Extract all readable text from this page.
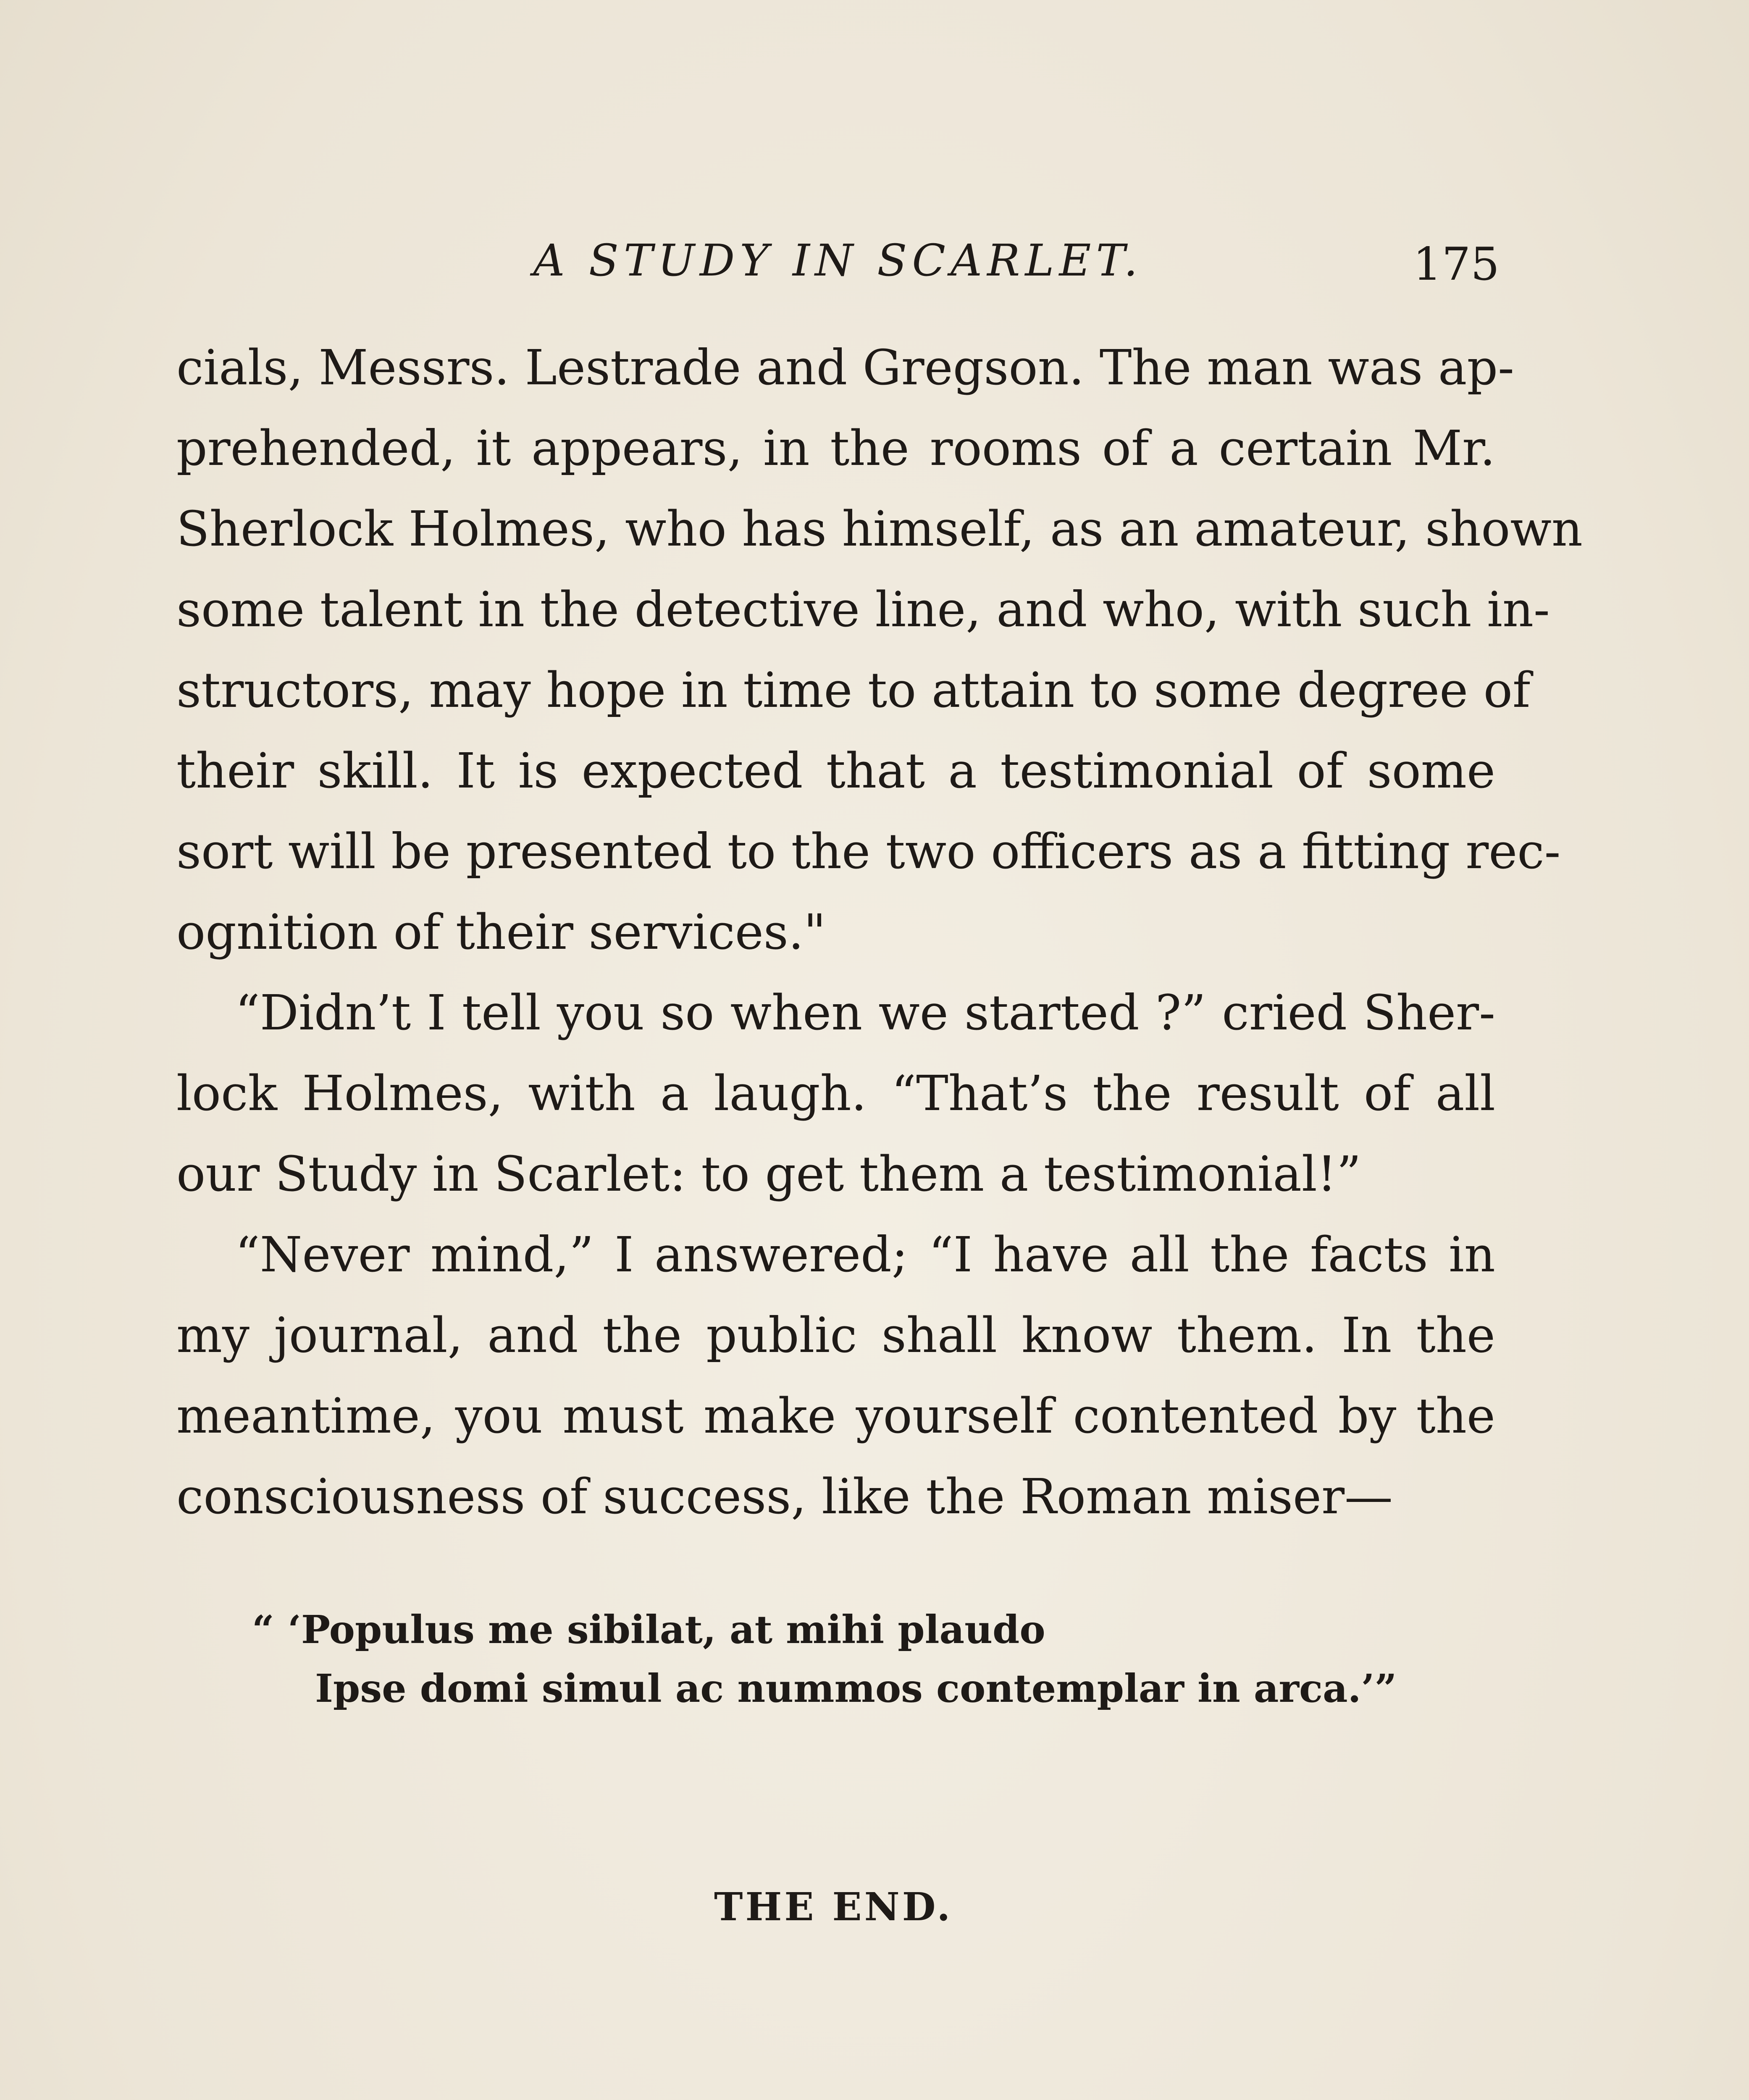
A STUDY IN SCARLET.	175
cials, Messrs. Lestrade and Gregson. The man was ap-
prehended, it appears, in the rooms of a certain Mr.
Sherlock Holmes, who has himself, as an amateur, shown
some talent in the detective line, and who, with such in-
structors, may hope in time to attain to some degree of
their skill. It is expected that a testimonial of some
sort will be presented to the two officers as a fitting rec-
ognition of their services."
“Didn’t I tell you so when we started ?” cried Sher-
lock Holmes, with a laugh. “That’s the result of all
our Study in Scarlet: to get them a testimonial!”
“Never mind,” I answered; “I have all the facts in
my journal, and the public shall know them. In the
meantime, you must make yourself contented by the
consciousness of success, like the Roman miser—
“ ‘Populus me sibilat, at mihi plaudo
Ipse domi simul ac nummos contemplar in arca.’”
THE END.
